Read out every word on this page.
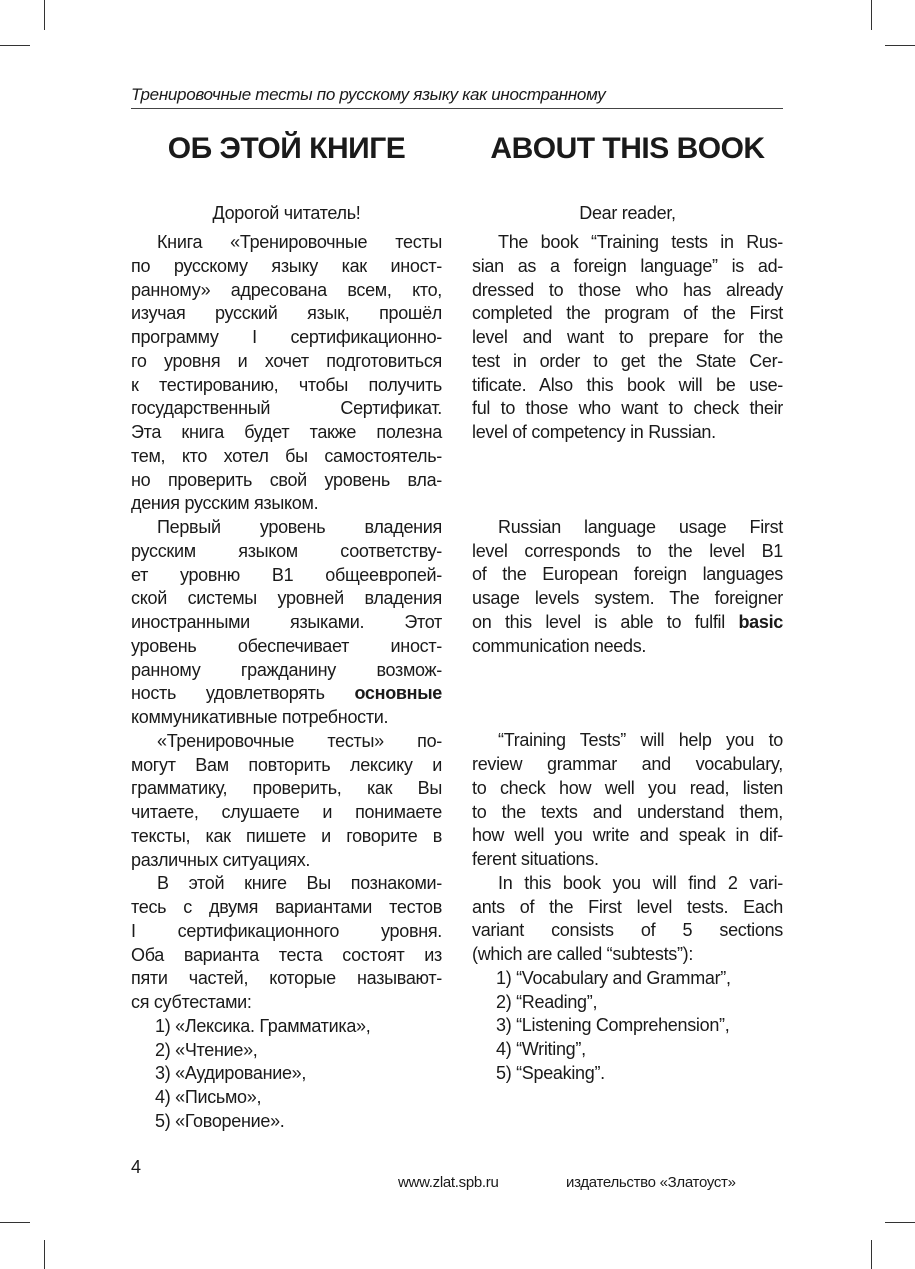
Тренировочные тесты по русскому языку как иностранному
ОБ ЭТОЙ КНИГЕ	ABOUT THIS BOOK
Дорогой читатель!
Книга «Тренировочные тесты
по русскому языку как иност-
ранному» адресована всем, кто,
изучая русский язык, прошёл
программу I сертификационно-
го уровня и хочет подготовиться
к тестированию, чтобы получить
государственный Сертификат.
Эта книга будет также полезна
тем, кто хотел бы самостоятель-
но проверить свой уровень вла-
дения русским языком.
Первый уровень владения
русским языком соответству-
ет уровню B1 общеевропей-
ской системы уровней владения
иностранными языками. Этот
уровень обеспечивает иност-
ранному гражданину возмож-
ность удовлетворять основные
коммуникативные потребности.
«Тренировочные тесты» по-
могут Вам повторить лексику и
грамматику, проверить, как Вы
читаете, слушаете и понимаете
тексты, как пишете и говорите в
различных ситуациях.
В этой книге Вы познакоми-
тесь с двумя вариантами тестов
I сертификационного уровня.
Оба варианта теста состоят из
пяти частей, которые называют-
ся субтестами:
1) «Лексика. Грамматика»,
2) «Чтение»,
3) «Аудирование»,
4) «Письмо»,
5) «Говорение».
Dear reader,
The book “Training tests in Rus-
sian as a foreign language” is ad-
dressed to those who has already
completed the program of the First
level and want to prepare for the
test in order to get the State Cer-
tificate. Also this book will be use-
ful to those who want to check their
level of competency in Russian.
Russian language usage First
level corresponds to the level B1
of the European foreign languages
usage levels system. The foreigner
on this level is able to fulfil basic
communication needs.
“Training Tests” will help you to
review grammar and vocabulary,
to check how well you read, listen
to the texts and understand them,
how well you write and speak in dif-
ferent situations.
In this book you will find 2 vari-
ants of the First level tests. Each
variant consists of 5 sections
(which are called “subtests”):
1) “Vocabulary and Grammar”,
2) “Reading”,
3) “Listening Comprehension”,
4) “Writing”,
5) “Speaking”.
4
www.zlat.spb.ru	издательство «Златоуст»
